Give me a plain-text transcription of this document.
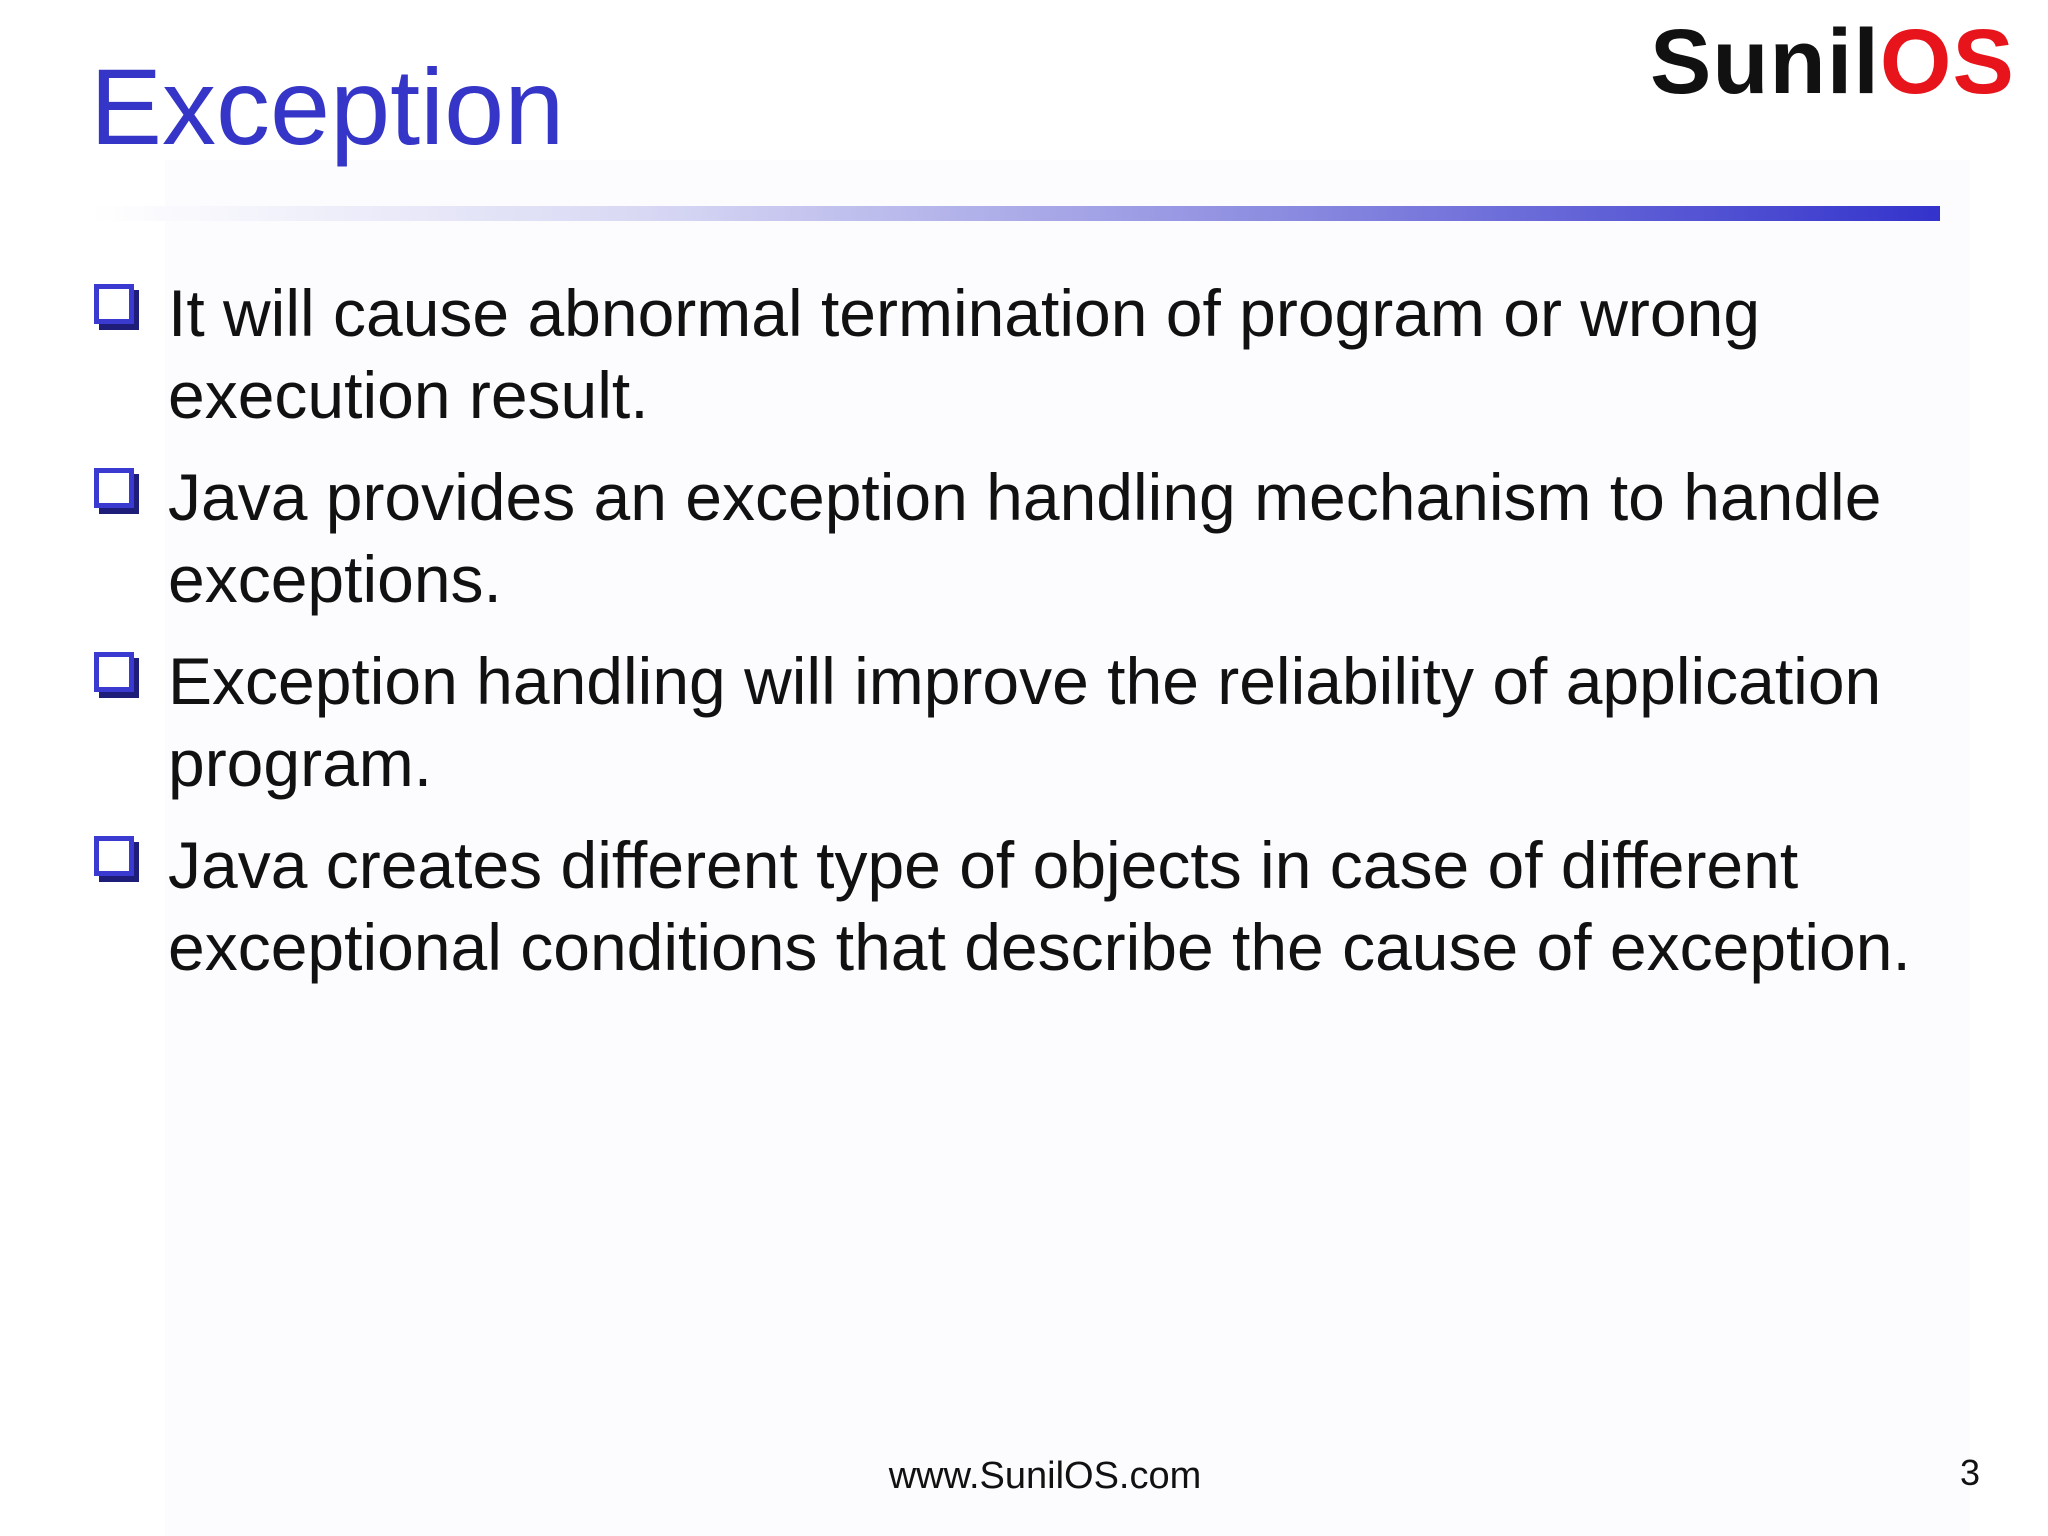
Exception	SunilOS
It will cause abnormal termination of program or wrong execution result.
Java provides an exception handling mechanism to handle exceptions.
Exception handling will improve the reliability of application program.
Java creates different type of objects in case of different exceptional conditions that describe the cause of exception.
www.SunilOS.com	3
